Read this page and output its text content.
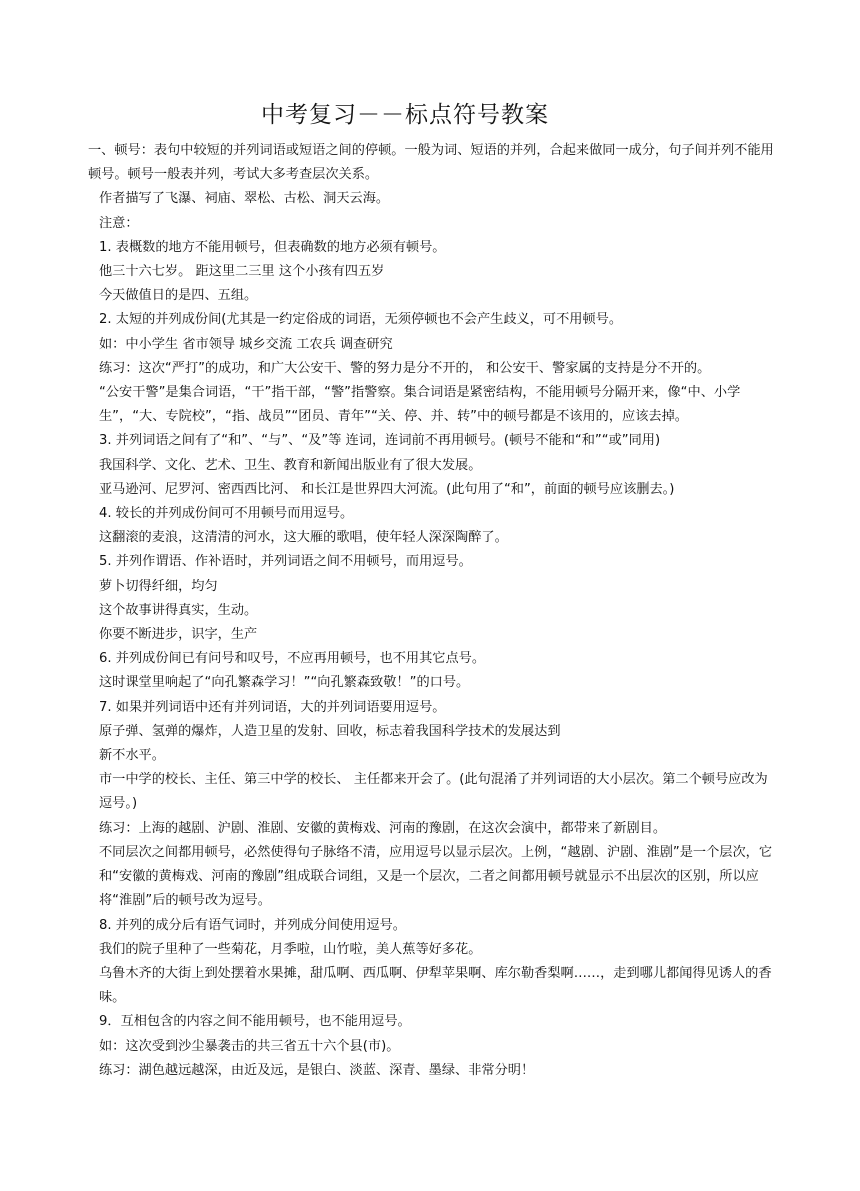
中考复习－－标点符号教案

一、顿号：表句中较短的并列词语或短语之间的停顿。一般为词、短语的并列，合起来做同一成分，句子间并列不能用顿号。顿号一般表并列，考试大多考查层次关系。

作者描写了飞瀑、祠庙、翠松、古松、洞天云海。

注意：

1. 表概数的地方不能用顿号，但表确数的地方必须有顿号。

他三十六七岁。 距这里二三里 这个小孩有四五岁

今天做值日的是四、五组。

2. 太短的并列成份间(尤其是一约定俗成的词语，无须停顿也不会产生歧义，可不用顿号。

如：中小学生 省市领导 城乡交流 工农兵 调查研究

练习：这次“严打”的成功，和广大公安干、警的努力是分不开的， 和公安干、警家属的支持是分不开的。

“公安干警”是集合词语，“干”指干部，“警”指警察。集合词语是紧密结构，不能用顿号分隔开来，像“中、小学生”，“大、专院校”，“指、战员”“团员、青年”“关、停、并、转”中的顿号都是不该用的，应该去掉。

3. 并列词语之间有了“和”、“与”、“及”等 连词，连词前不再用顿号。(顿号不能和“和”“或”同用)

我国科学、文化、艺术、卫生、教育和新闻出版业有了很大发展。

亚马逊河、尼罗河、密西西比河、 和长江是世界四大河流。(此句用了“和”，前面的顿号应该删去。)

4. 较长的并列成份间可不用顿号而用逗号。

这翻滚的麦浪，这清清的河水，这大雁的歌唱，使年轻人深深陶醉了。

5. 并列作谓语、作补语时，并列词语之间不用顿号，而用逗号。

萝卜切得纤细，均匀

这个故事讲得真实，生动。

你要不断进步，识字，生产

6. 并列成份间已有问号和叹号，不应再用顿号，也不用其它点号。

这时课堂里响起了“向孔繁森学习！”“向孔繁森致敬！”的口号。

7. 如果并列词语中还有并列词语，大的并列词语要用逗号。

原子弹、氢弹的爆炸，人造卫星的发射、回收，标志着我国科学技术的发展达到

新不水平。

市一中学的校长、主任、第三中学的校长、 主任都来开会了。(此句混淆了并列词语的大小层次。第二个顿号应改为逗号。)

练习：上海的越剧、沪剧、淮剧、安徽的黄梅戏、河南的豫剧，在这次会演中，都带来了新剧目。

不同层次之间都用顿号，必然使得句子脉络不清，应用逗号以显示层次。上例，“越剧、沪剧、淮剧”是一个层次，它和“安徽的黄梅戏、河南的豫剧”组成联合词组，又是一个层次，二者之间都用顿号就显示不出层次的区别，所以应将“淮剧”后的顿号改为逗号。

8. 并列的成分后有语气词时，并列成分间使用逗号。

我们的院子里种了一些菊花，月季啦，山竹啦，美人蕉等好多花。

乌鲁木齐的大街上到处摆着水果摊，甜瓜啊、西瓜啊、伊犁苹果啊、库尔勒香梨啊……，走到哪儿都闻得见诱人的香味。

9．互相包含的内容之间不能用顿号，也不能用逗号。

如：这次受到沙尘暴袭击的共三省五十六个县(市)。

练习：湖色越远越深，由近及远，是银白、淡蓝、深青、墨绿、非常分明！
